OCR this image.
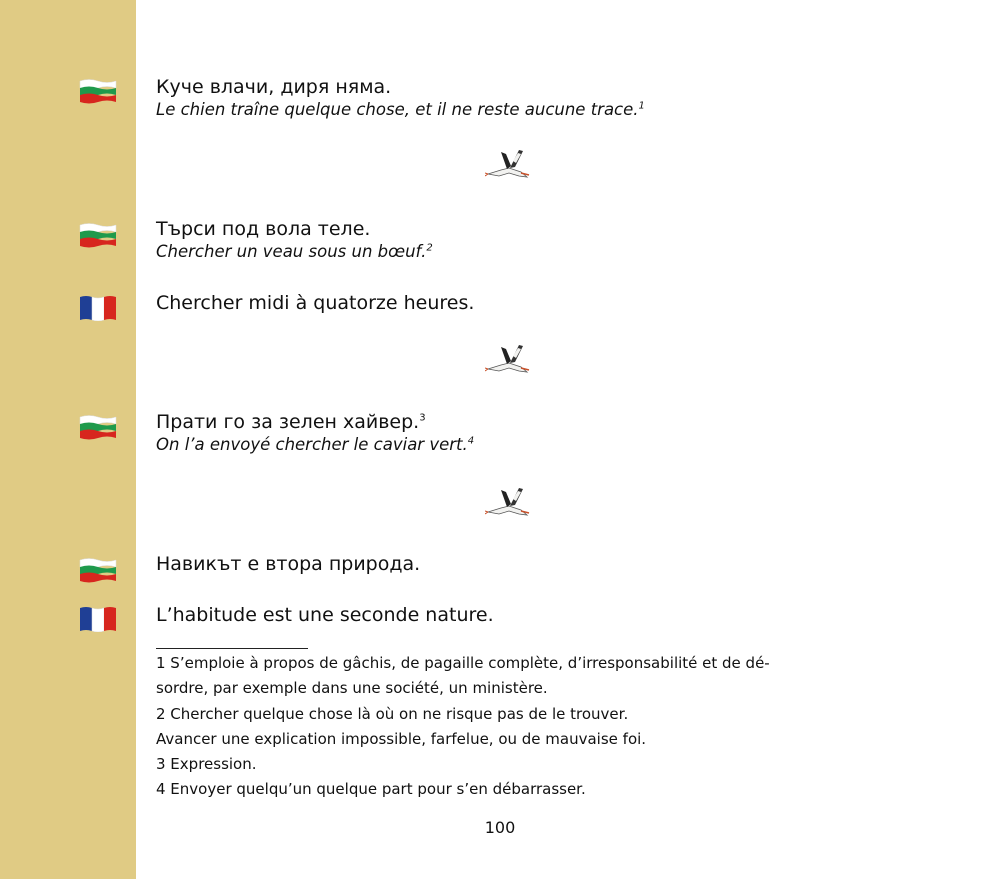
Куче влачи, диря няма.
Le chien traîne quelque chose, et il ne reste aucune trace.$^1$
Търси под вола теле.
Chercher un veau sous un bœuf.$^2$
Chercher midi à quatorze heures.
Прати го за зелен хайвер.$^3$
On l’a envoyé chercher le caviar vert.$^4$
Навикът е втора природа.
L’habitude est une seconde nature.
1 S’emploie à propos de gâchis, de pagaille complète, d’irresponsabilité et de dé-
sordre, par exemple dans une société, un ministère.
2 Chercher quelque chose là où on ne risque pas de le trouver.
Avancer une explication impossible, farfelue, ou de mauvaise foi.
3 Expression.
4 Envoyer quelqu’un quelque part pour s’en débarrasser.
100
